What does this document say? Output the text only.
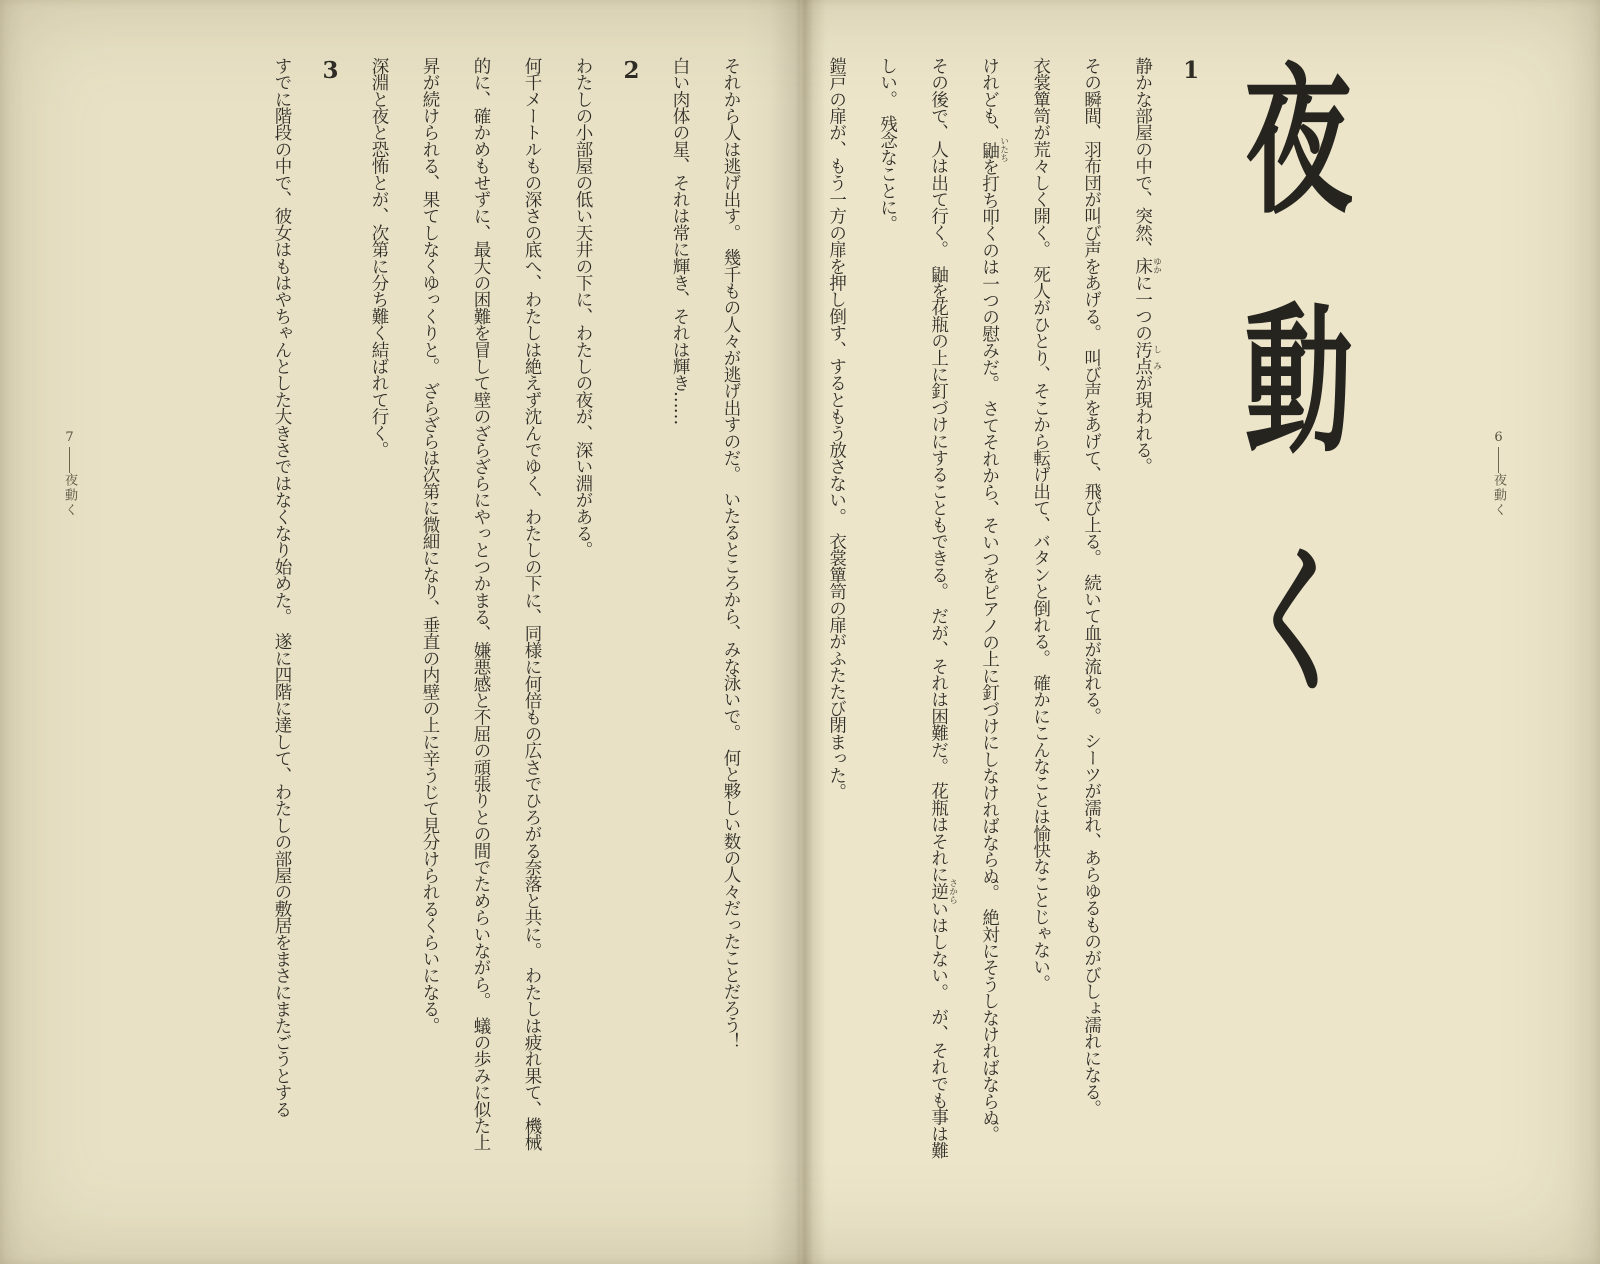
6――夜動く
夜動く
1

静かな部屋の中で、突然、床 ゆかに一つの汚点 しみが現われる。

その瞬間、羽布団が叫び声をあげる。　叫び声をあげて、飛び上る。　続いて血が流れる。　シーツが濡れ、あらゆるものがびしょ濡れになる。

衣裳簞笥が荒々しく開く。　死人がひとり、そこから転げ出て、バタンと倒れる。　確かにこんなことは愉快なことじゃない。

けれども、鼬 いたちを打ち叩くのは一つの慰みだ。　さてそれから、そいつをピアノの上に釘づけにしなければならぬ。　絶対にそうしなければならぬ。　その後で、人は出て行く。　鼬を花瓶の上に釘づけにすることもできる。　だが、それは困難だ。　花瓶はそれに逆 さからいはしない。　が、それでも事は難しい。　残念なことに。

鎧戸の扉が、もう一方の扉を押し倒す、するともう放さない。　衣裳簞笥の扉がふたたび閉まった。

7――夜動く	それから人は逃げ出す。　幾千もの人々が逃げ出すのだ。　いたるところから、みな泳いで。　何と夥しい数の人々だったことだろう！

白い肉体の星、それは常に輝き、それは輝き……

2

わたしの小部屋の低い天井の下に、わたしの夜が、深い淵がある。

何千メートルもの深さの底へ、わたしは絶えず沈んでゆく、わたしの下に、同様に何倍もの広さでひろがる奈落と共に。　わたしは疲れ果て、機械的に、確かめもせずに、最大の困難を冒して壁のざらざらにやっとつかまる、嫌悪感と不屈の頑張りとの間でためらいながら。　蟻の歩みに似た上昇が続けられる、果てしなくゆっくりと。　ざらざらは次第に微細になり、垂直の内壁の上に辛うじて見分けられるくらいになる。

深淵と夜と恐怖とが、次第に分ち難く結ばれて行く。

3

すでに階段の中で、彼女はもはやちゃんとした大きさではなくなり始めた。　遂に四階に達して、わたしの部屋の敷居をまさにまたごうとする
